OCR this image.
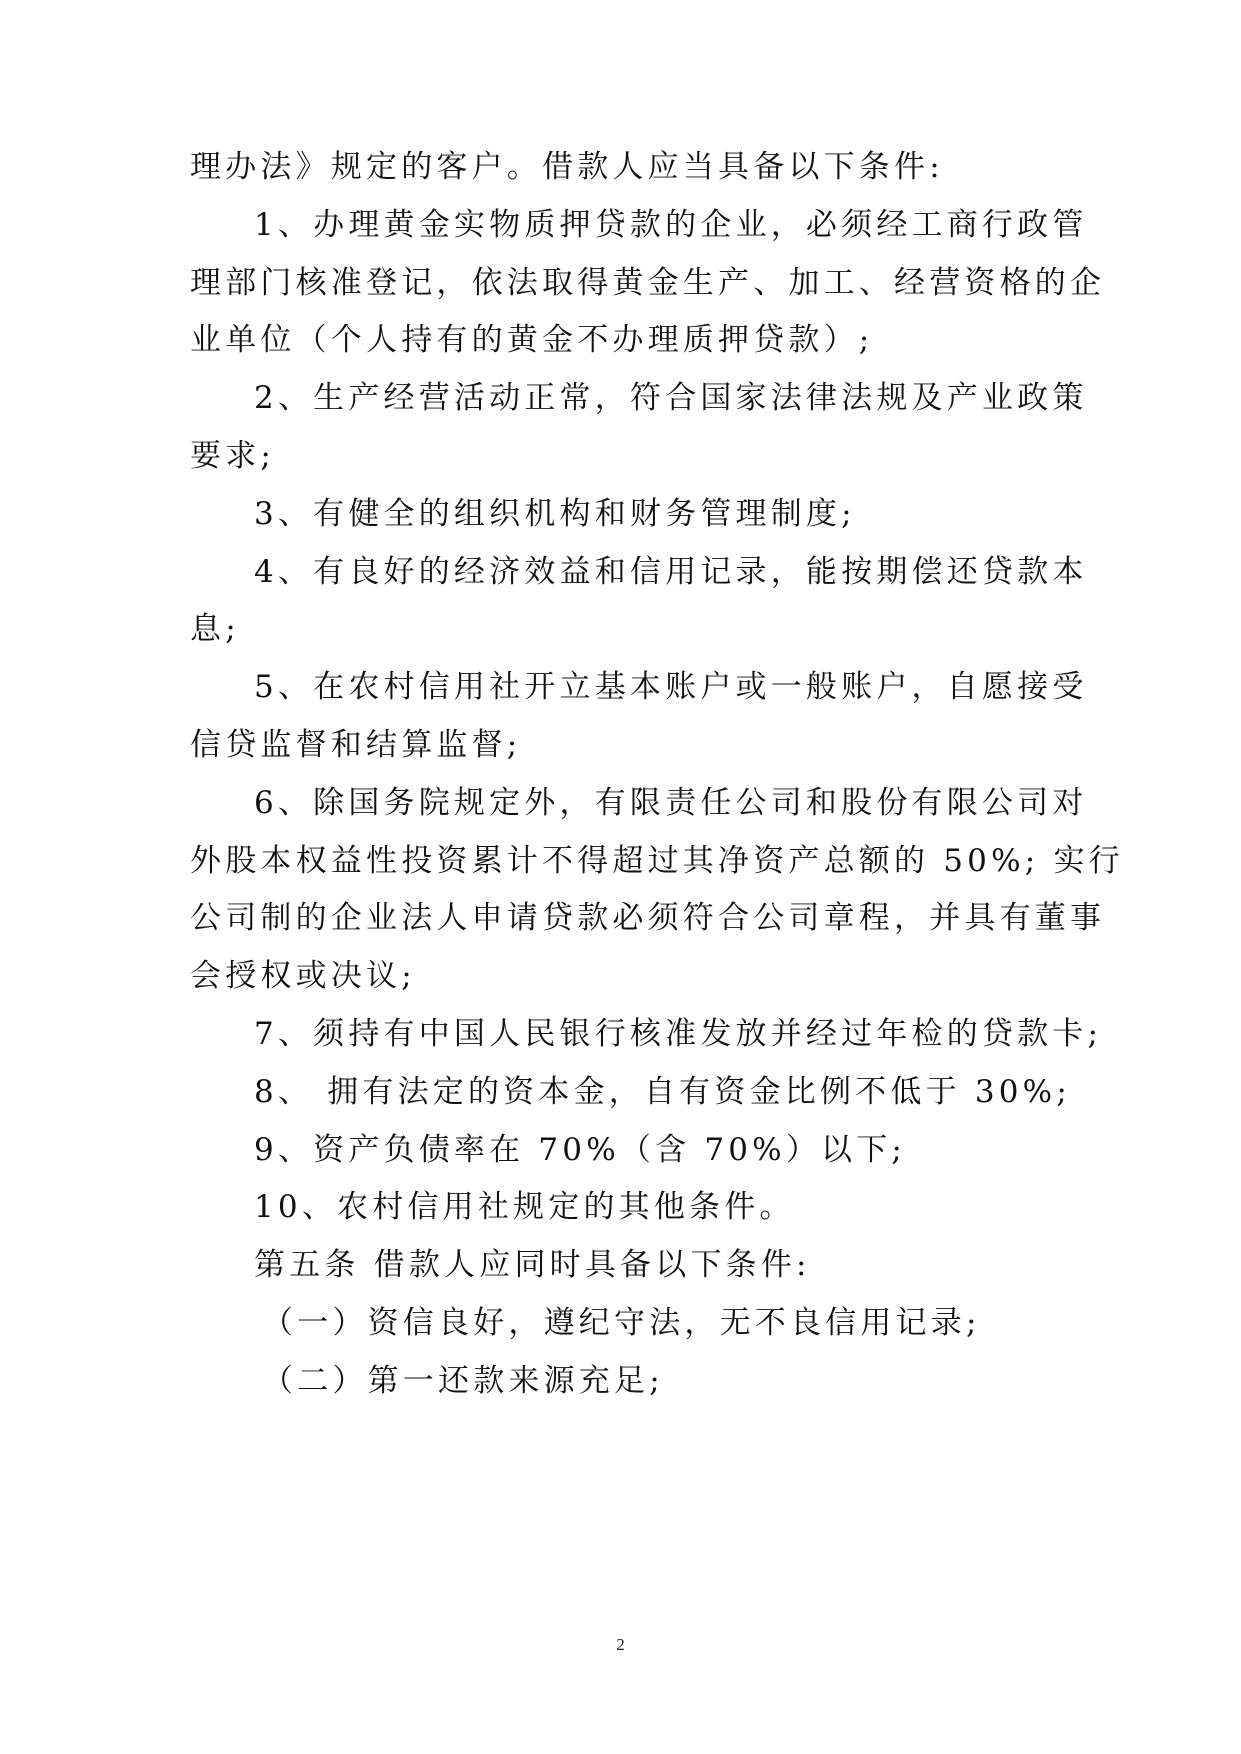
理办法》规定的客户。借款人应当具备以下条件:
1、办理黄金实物质押贷款的企业，必须经工商行政管
理部门核准登记，依法取得黄金生产、加工、经营资格的企
业单位（个人持有的黄金不办理质押贷款）;
2、生产经营活动正常，符合国家法律法规及产业政策
要求;
3、有健全的组织机构和财务管理制度;
4、有良好的经济效益和信用记录，能按期偿还贷款本
息;
5、在农村信用社开立基本账户或一般账户，自愿接受
信贷监督和结算监督;
6、除国务院规定外，有限责任公司和股份有限公司对
外股本权益性投资累计不得超过其净资产总额的 50%; 实行
公司制的企业法人申请贷款必须符合公司章程，并具有董事
会授权或决议;
7、须持有中国人民银行核准发放并经过年检的贷款卡;
8、 拥有法定的资本金，自有资金比例不低于 30%;
9、资产负债率在 70%（含 70%）以下;
10、农村信用社规定的其他条件。
第五条 借款人应同时具备以下条件:
（一）资信良好，遵纪守法，无不良信用记录;
（二）第一还款来源充足;
2
